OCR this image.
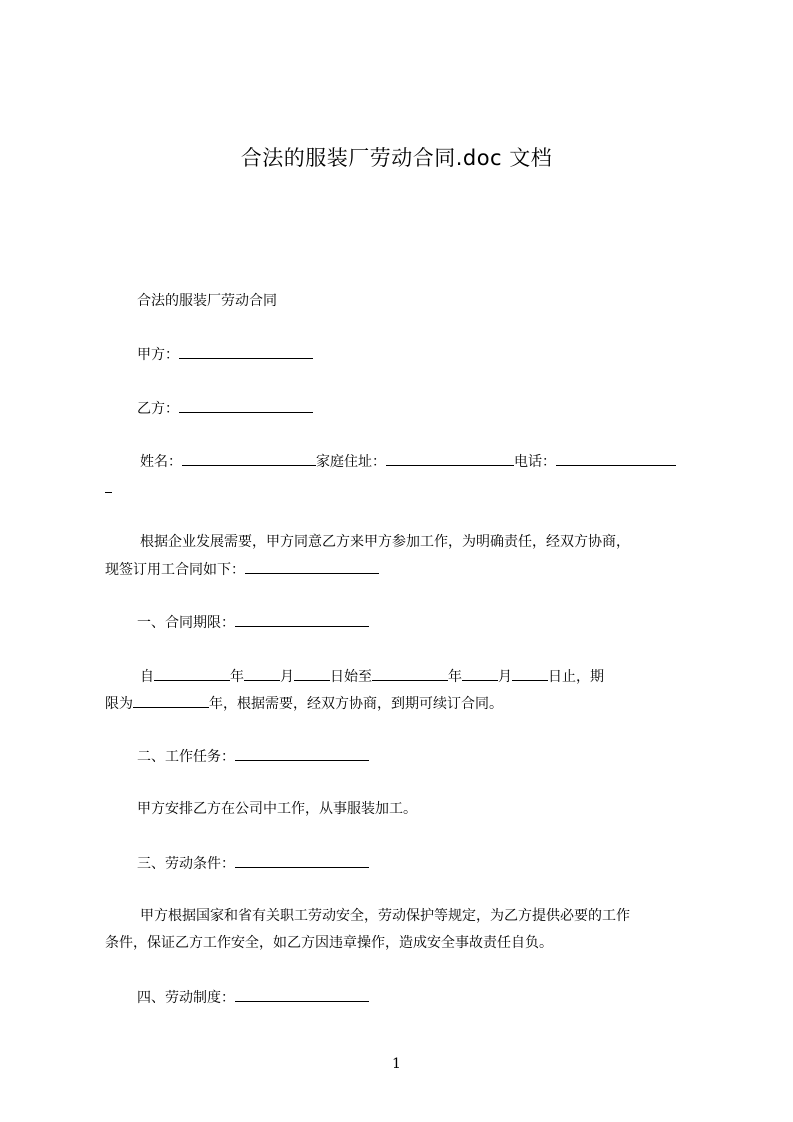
合法的服装厂劳动合同.doc 文档
合法的服装厂劳动合同
甲方：
乙方：
姓名：	家庭住址：	电话：
根据企业发展需要，甲方同意乙方来甲方参加工作，为明确责任，经双方协商，
现签订用工合同如下：
一、合同期限：
自	年	月	日始至	年	月	日止，期
限为	年，根据需要，经双方协商，到期可续订合同。
二、工作任务：
甲方安排乙方在公司中工作，从事服装加工。
三、劳动条件：
甲方根据国家和省有关职工劳动安全，劳动保护等规定，为乙方提供必要的工作
条件，保证乙方工作安全，如乙方因违章操作，造成安全事故责任自负。
四、劳动制度：
1
